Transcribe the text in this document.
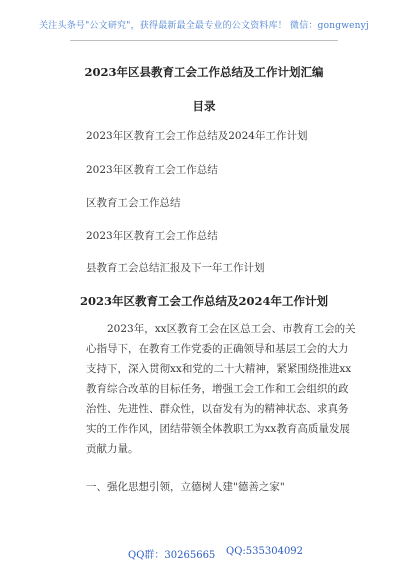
关注头条号"公文研究"，获得最新最全最专业的公文资料库！ 微信：gongwenyj
2023年区县教育工会工作总结及工作计划汇编
目录
2023年区教育工会工作总结及2024年工作计划
2023年区教育工会工作总结
区教育工会工作总结
2023年区教育工会工作总结
县教育工会总结汇报及下一年工作计划
2023年区教育工会工作总结及2024年工作计划
2023年，xx区教育工会在区总工会、市教育工会的关
心指导下，在教育工作党委的正确领导和基层工会的大力
支持下，深入贯彻xx和党的二十大精神，紧紧围绕推进xx
教育综合改革的目标任务，增强工会工作和工会组织的政
治性、先进性、群众性，以奋发有为的精神状态、求真务
实的工作作风，团结带领全体教职工为xx教育高质量发展
贡献力量。
一、强化思想引领，立德树人建"德善之家"
QQ群：30265665 QQ:535304092
